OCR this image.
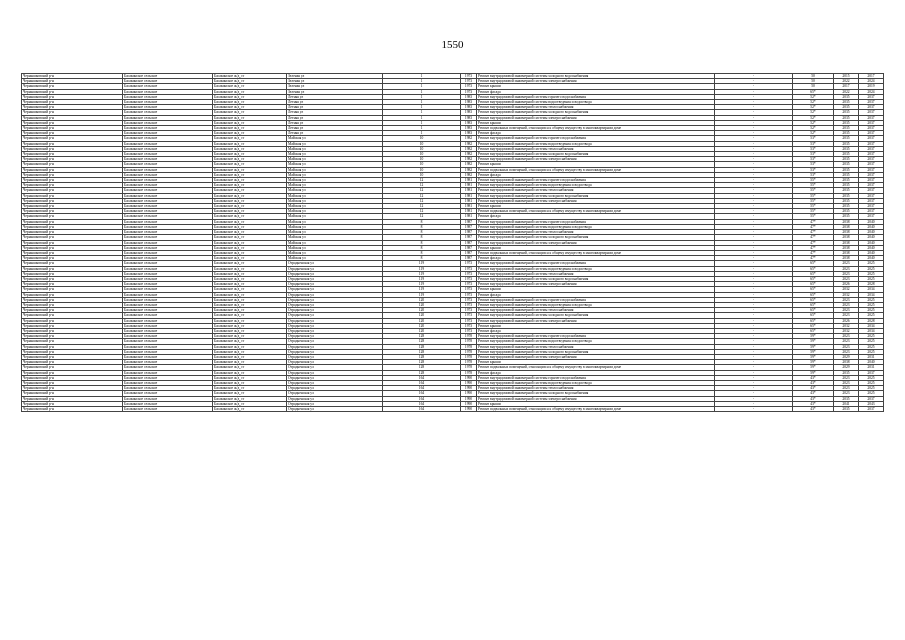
1550
Чернышковский р-н	Басакинское сельское	Басакинское ж/д_ст	Зеленая ул	1	1973	Ремонт внутридомовой инженерной системы холодного водоснабжения	-	50	2015	2017
Чернышковский р-н	Басакинское сельское	Басакинское ж/д_ст	Зеленая ул	1	1973	Ремонт внутридомовой инженерной системы электроснабжения	-	50	2022	2024
Чернышковский р-н	Басакинское сельское	Басакинское ж/д_ст	Зеленая ул	1	1973	Ремонт крыши	-	50	2017	2019
Чернышковский р-н	Басакинское сельское	Басакинское ж/д_ст	Зеленая ул	1	1973	Ремонт фасада	-	65*	2022	2024
Чернышковский р-н	Басакинское сельское	Басакинское ж/д_ст	Летняя ул	1	1983	Ремонт внутридомовой инженерной системы горячего водоснабжения	-	52*	2035	2037
Чернышковский р-н	Басакинское сельское	Басакинское ж/д_ст	Летняя ул	1	1983	Ремонт внутридомовой инженерной системы водоотведения и водоотвода	-	52*	2035	2037
Чернышковский р-н	Басакинское сельское	Басакинское ж/д_ст	Летняя ул	1	1983	Ремонт внутридомовой инженерной системы теплоснабжения	-	52*	2035	2037
Чернышковский р-н	Басакинское сельское	Басакинское ж/д_ст	Летняя ул	1	1983	Ремонт внутридомовой инженерной системы холодного водоснабжения	-	52*	2035	2037
Чернышковский р-н	Басакинское сельское	Басакинское ж/д_ст	Летняя ул	1	1983	Ремонт внутридомовой инженерной системы электроснабжения	-	52*	2035	2037
Чернышковский р-н	Басакинское сельское	Басакинское ж/д_ст	Летняя ул	1	1983	Ремонт крыши	-	52*	2035	2037
Чернышковский р-н	Басакинское сельское	Басакинское ж/д_ст	Летняя ул	1	1983	Ремонт подвальных помещений, относящихся к общему имуществу в многоквартирном доме	-	52*	2035	2037
Чернышковский р-н	Басакинское сельское	Басакинское ж/д_ст	Летняя ул	1	1983	Ремонт фасада	-	52*	2035	2037
Чернышковский р-н	Басакинское сельское	Басакинское ж/д_ст	Майская ул	10	1982	Ремонт внутридомовой инженерной системы горячего водоснабжения	-	53*	2035	2037
Чернышковский р-н	Басакинское сельское	Басакинское ж/д_ст	Майская ул	10	1982	Ремонт внутридомовой инженерной системы водоотведения и водоотвода	-	53*	2035	2037
Чернышковский р-н	Басакинское сельское	Басакинское ж/д_ст	Майская ул	10	1982	Ремонт внутридомовой инженерной системы теплоснабжения	-	53*	2035	2037
Чернышковский р-н	Басакинское сельское	Басакинское ж/д_ст	Майская ул	10	1982	Ремонт внутридомовой инженерной системы холодного водоснабжения	-	53*	2035	2037
Чернышковский р-н	Басакинское сельское	Басакинское ж/д_ст	Майская ул	10	1982	Ремонт внутридомовой инженерной системы электроснабжения	-	53*	2035	2037
Чернышковский р-н	Басакинское сельское	Басакинское ж/д_ст	Майская ул	10	1982	Ремонт крыши	-	53*	2035	2037
Чернышковский р-н	Басакинское сельское	Басакинское ж/д_ст	Майская ул	10	1982	Ремонт подвальных помещений, относящихся к общему имуществу в многоквартирном доме	-	53*	2035	2037
Чернышковский р-н	Басакинское сельское	Басакинское ж/д_ст	Майская ул	10	1982	Ремонт фасада	-	53*	2035	2037
Чернышковский р-н	Басакинское сельское	Басакинское ж/д_ст	Майская ул	12	1981	Ремонт внутридомовой инженерной системы горячего водоснабжения	-	55*	2035	2037
Чернышковский р-н	Басакинское сельское	Басакинское ж/д_ст	Майская ул	12	1981	Ремонт внутридомовой инженерной системы водоотведения и водоотвода	-	55*	2035	2037
Чернышковский р-н	Басакинское сельское	Басакинское ж/д_ст	Майская ул	12	1981	Ремонт внутридомовой инженерной системы теплоснабжения	-	55*	2035	2037
Чернышковский р-н	Басакинское сельское	Басакинское ж/д_ст	Майская ул	12	1981	Ремонт внутридомовой инженерной системы холодного водоснабжения	-	55*	2035	2037
Чернышковский р-н	Басакинское сельское	Басакинское ж/д_ст	Майская ул	12	1981	Ремонт внутридомовой инженерной системы электроснабжения	-	55*	2035	2037
Чернышковский р-н	Басакинское сельское	Басакинское ж/д_ст	Майская ул	12	1981	Ремонт крыши	-	55*	2035	2037
Чернышковский р-н	Басакинское сельское	Басакинское ж/д_ст	Майская ул	12	1981	Ремонт подвальных помещений, относящихся к общему имуществу в многоквартирном доме	-	55*	2035	2037
Чернышковский р-н	Басакинское сельское	Басакинское ж/д_ст	Майская ул	12	1981	Ремонт фасада	-	55*	2035	2037
Чернышковский р-н	Басакинское сельское	Басакинское ж/д_ст	Майская ул	8	1987	Ремонт внутридомовой инженерной системы горячего водоснабжения	-	47*	2038	2040
Чернышковский р-н	Басакинское сельское	Басакинское ж/д_ст	Майская ул	8	1987	Ремонт внутридомовой инженерной системы водоотведения и водоотвода	-	47*	2038	2040
Чернышковский р-н	Басакинское сельское	Басакинское ж/д_ст	Майская ул	8	1987	Ремонт внутридомовой инженерной системы теплоснабжения	-	47*	2038	2040
Чернышковский р-н	Басакинское сельское	Басакинское ж/д_ст	Майская ул	8	1987	Ремонт внутридомовой инженерной системы холодного водоснабжения	-	47*	2038	2040
Чернышковский р-н	Басакинское сельское	Басакинское ж/д_ст	Майская ул	8	1987	Ремонт внутридомовой инженерной системы электроснабжения	-	47*	2038	2040
Чернышковский р-н	Басакинское сельское	Басакинское ж/д_ст	Майская ул	8	1987	Ремонт крыши	-	47*	2038	2040
Чернышковский р-н	Басакинское сельское	Басакинское ж/д_ст	Майская ул	8	1987	Ремонт подвальных помещений, относящихся к общему имуществу в многоквартирном доме	-	47*	2038	2040
Чернышковский р-н	Басакинское сельское	Басакинское ж/д_ст	Майская ул	8	1987	Ремонт фасада	-	47*	2038	2040
Чернышковский р-н	Басакинское сельское	Басакинское ж/д_ст	Отрадненская ул	119	1973	Ремонт внутридомовой инженерной системы горячего водоснабжения	-	65*	2023	2025
Чернышковский р-н	Басакинское сельское	Басакинское ж/д_ст	Отрадненская ул	119	1973	Ремонт внутридомовой инженерной системы водоотведения и водоотвода	-	65*	2023	2025
Чернышковский р-н	Басакинское сельское	Басакинское ж/д_ст	Отрадненская ул	119	1973	Ремонт внутридомовой инженерной системы теплоснабжения	-	65*	2023	2025
Чернышковский р-н	Басакинское сельское	Басакинское ж/д_ст	Отрадненская ул	119	1973	Ремонт внутридомовой инженерной системы холодного водоснабжения	-	65*	2023	2025
Чернышковский р-н	Басакинское сельское	Басакинское ж/д_ст	Отрадненская ул	119	1973	Ремонт внутридомовой инженерной системы электроснабжения	-	65*	2026	2028
Чернышковский р-н	Басакинское сельское	Басакинское ж/д_ст	Отрадненская ул	119	1973	Ремонт крыши	-	65*	2032	2034
Чернышковский р-н	Басакинское сельское	Басакинское ж/д_ст	Отрадненская ул	119	1973	Ремонт фасада	-	65*	2032	2034
Чернышковский р-н	Басакинское сельское	Басакинское ж/д_ст	Отрадненская ул	120	1973	Ремонт внутридомовой инженерной системы горячего водоснабжения	-	65*	2023	2025
Чернышковский р-н	Басакинское сельское	Басакинское ж/д_ст	Отрадненская ул	120	1973	Ремонт внутридомовой инженерной системы водоотведения и водоотвода	-	65*	2023	2025
Чернышковский р-н	Басакинское сельское	Басакинское ж/д_ст	Отрадненская ул	120	1973	Ремонт внутридомовой инженерной системы теплоснабжения	-	65*	2023	2025
Чернышковский р-н	Басакинское сельское	Басакинское ж/д_ст	Отрадненская ул	120	1973	Ремонт внутридомовой инженерной системы холодного водоснабжения	-	65*	2023	2025
Чернышковский р-н	Басакинское сельское	Басакинское ж/д_ст	Отрадненская ул	120	1973	Ремонт внутридомовой инженерной системы электроснабжения	-	65*	2026	2028
Чернышковский р-н	Басакинское сельское	Басакинское ж/д_ст	Отрадненская ул	120	1973	Ремонт крыши	-	65*	2032	2034
Чернышковский р-н	Басакинское сельское	Басакинское ж/д_ст	Отрадненская ул	120	1973	Ремонт фасада	-	65*	2032	2034
Чернышковский р-н	Басакинское сельское	Басакинское ж/д_ст	Отрадненская ул	128	1978	Ремонт внутридомовой инженерной системы горячего водоснабжения	-	59*	2023	2025
Чернышковский р-н	Басакинское сельское	Басакинское ж/д_ст	Отрадненская ул	128	1978	Ремонт внутридомовой инженерной системы водоотведения и водоотвода	-	59*	2023	2025
Чернышковский р-н	Басакинское сельское	Басакинское ж/д_ст	Отрадненская ул	128	1978	Ремонт внутридомовой инженерной системы теплоснабжения	-	59*	2023	2025
Чернышковский р-н	Басакинское сельское	Басакинское ж/д_ст	Отрадненская ул	128	1978	Ремонт внутридомовой инженерной системы холодного водоснабжения	-	59*	2023	2025
Чернышковский р-н	Басакинское сельское	Басакинское ж/д_ст	Отрадненская ул	128	1978	Ремонт внутридомовой инженерной системы электроснабжения	-	59*	2029	2031
Чернышковский р-н	Басакинское сельское	Басакинское ж/д_ст	Отрадненская ул	128	1978	Ремонт крыши	-	59*	2038	2040
Чернышковский р-н	Басакинское сельское	Басакинское ж/д_ст	Отрадненская ул	128	1978	Ремонт подвальных помещений, относящихся к общему имуществу в многоквартирном доме	-	59*	2029	2031
Чернышковский р-н	Басакинское сельское	Басакинское ж/д_ст	Отрадненская ул	128	1978	Ремонт фасада	-	59*	2035	2037
Чернышковский р-н	Басакинское сельское	Басакинское ж/д_ст	Отрадненская ул	164	1990	Ремонт внутридомовой инженерной системы горячего водоснабжения	-	43*	2023	2025
Чернышковский р-н	Басакинское сельское	Басакинское ж/д_ст	Отрадненская ул	164	1990	Ремонт внутридомовой инженерной системы водоотведения и водоотвода	-	43*	2023	2025
Чернышковский р-н	Басакинское сельское	Басакинское ж/д_ст	Отрадненская ул	164	1990	Ремонт внутридомовой инженерной системы теплоснабжения	-	43*	2023	2025
Чернышковский р-н	Басакинское сельское	Басакинское ж/д_ст	Отрадненская ул	164	1990	Ремонт внутридомовой инженерной системы холодного водоснабжения	-	43*	2023	2025
Чернышковский р-н	Басакинское сельское	Басакинское ж/д_ст	Отрадненская ул	164	1990	Ремонт внутридомовой инженерной системы электроснабжения	-	43*	2035	2037
Чернышковский р-н	Басакинское сельское	Басакинское ж/д_ст	Отрадненская ул	164	1990	Ремонт крыши	-	43*	2041	2043
Чернышковский р-н	Басакинское сельское	Басакинское ж/д_ст	Отрадненская ул	164	1990	Ремонт подвальных помещений, относящихся к общему имуществу в многоквартирном доме	-	43*	2035	2037
